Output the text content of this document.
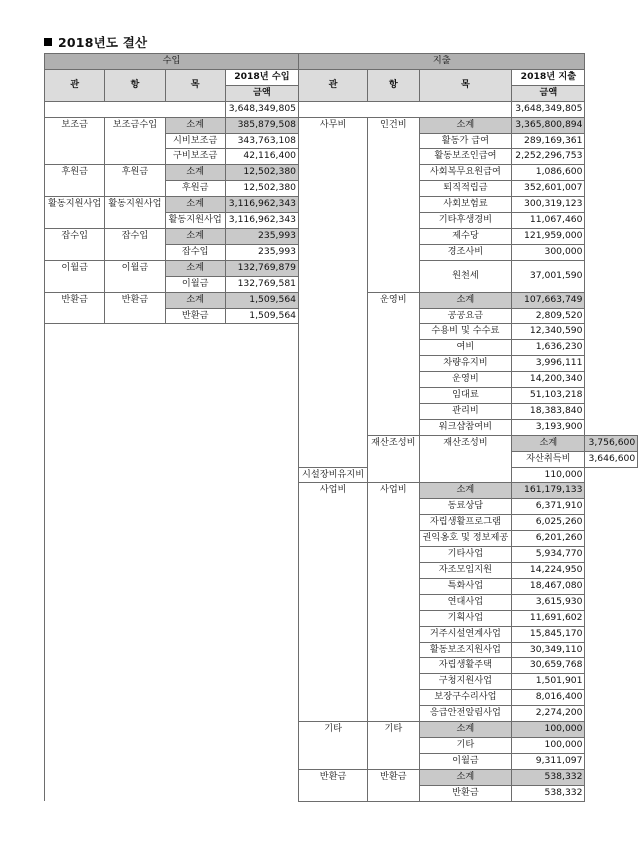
2018년도 결산
수입				지출				
관	항	목	2018년 수입	관	항	목	2018년 지출	
			금액				금액	
			3,648,349,805				3,648,349,805	
보조금	보조금수입	소계	385,879,508	사무비	인건비	소계	3,365,800,894	
		시비보조금	343,763,108			활동가 급여	289,169,361	
		구비보조금	42,116,400			활동보조인급여	2,252,296,753	
후원금	후원금	소계	12,502,380			사회복무요원급여	1,086,600	
		후원금	12,502,380			퇴직적립금	352,601,007	
활동지원사업	활동지원사업	소계	3,116,962,343			사회보험료	300,319,123	
		활동지원사업	3,116,962,343			기타후생경비	11,067,460	
잡수입	잡수입	소계	235,993			제수당	121,959,000	
		잡수입	235,993			경조사비	300,000	
이월금	이월금	소계	132,769,879			원천세	37,001,590	
		이월금	132,769,581					
반환금	반환금	소계	1,509,564		운영비	소계	107,663,749	
		반환금	1,509,564			공공요금	2,809,520	
						수용비 및 수수료	12,340,590	
						여비	1,636,230	
						차량유지비	3,996,111	
						운영비	14,200,340	
						임대료	51,103,218	
						관리비	18,383,840	
						워크샵참여비	3,193,900	
					재산조성비	재산조성비	소계	3,756,600
							자산취득비	3,646,600
				시설장비유지비			110,000	
				사업비	사업비	소계	161,179,133	
						동료상담	6,371,910	
						자립생활프로그램	6,025,260	
						권익옹호 및 정보제공	6,201,260	
						기타사업	5,934,770	
						자조모임지원	14,224,950	
						특화사업	18,467,080	
						연대사업	3,615,930	
						기획사업	11,691,602	
						거주시설연계사업	15,845,170	
						활동보조지원사업	30,349,110	
						자립생활주택	30,659,768	
						구청지원사업	1,501,901	
						보장구수리사업	8,016,400	
						응급안전알림사업	2,274,200	
				기타	기타	소계	100,000	
						기타	100,000	
						이월금	9,311,097	
				반환금	반환금	소계	538,332	
						반환금	538,332	
